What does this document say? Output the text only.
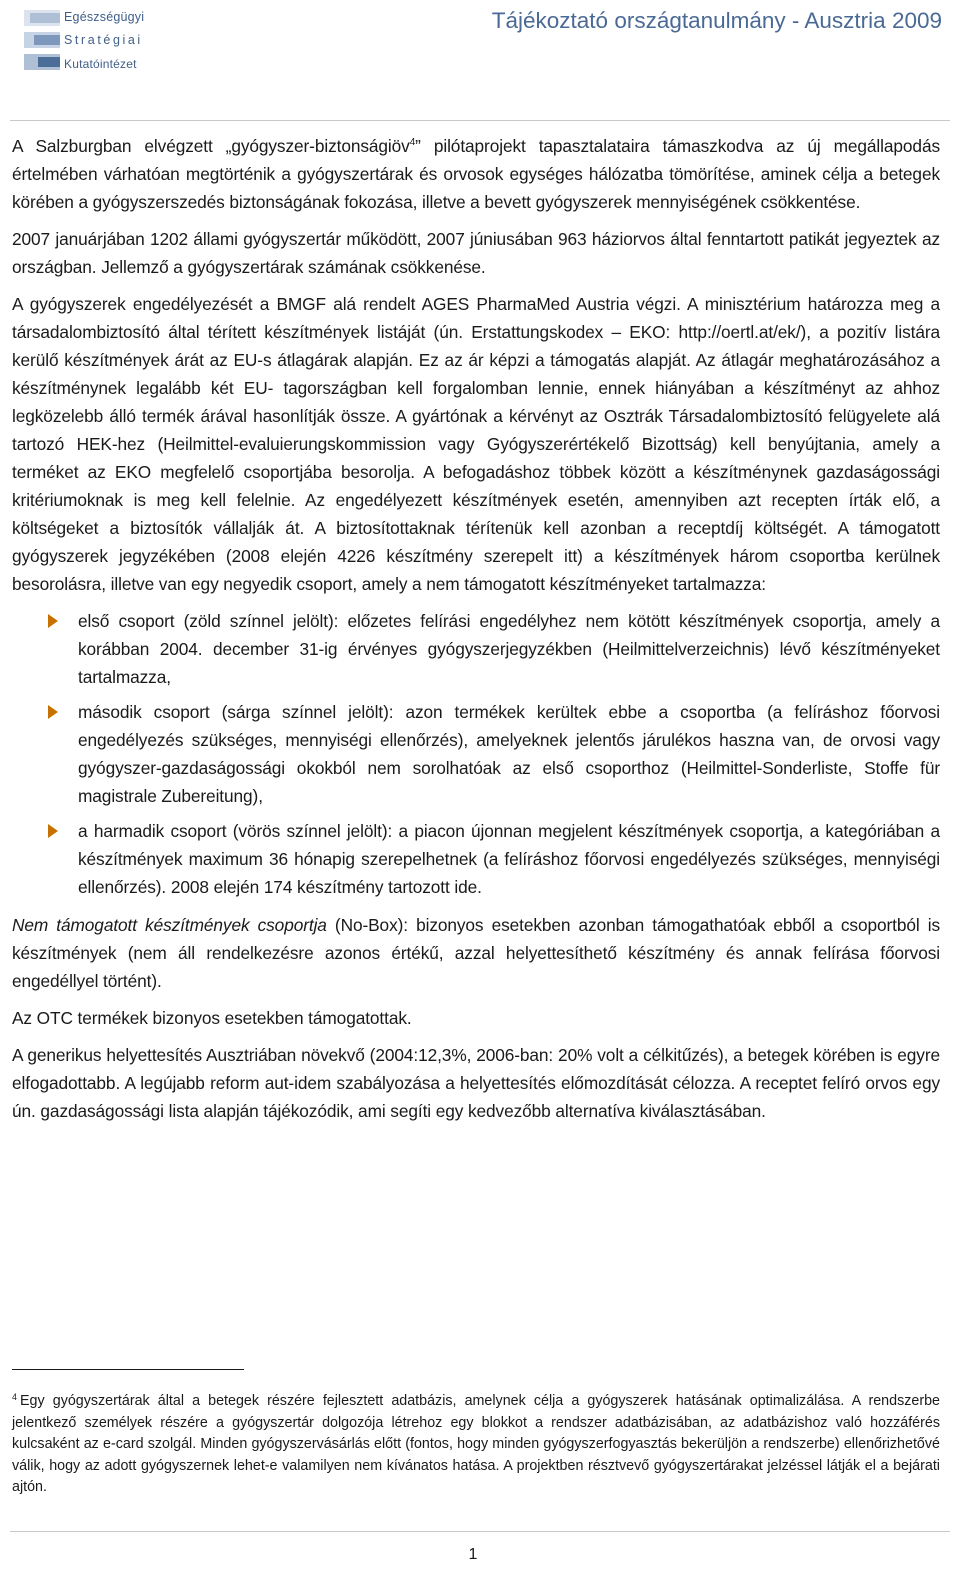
Egészségügyi
Stratégiai
Kutatóintézet
Tájékoztató országtanulmány - Ausztria 2009

A Salzburgban elvégzett „gyógyszer-biztonságiöv$^4$” pilótaprojekt tapasztalataira támaszkodva az új megállapodás értelmében várhatóan megtörténik a gyógyszertárak és orvosok egységes hálózatba tömörítése, aminek célja a betegek körében a gyógyszerszedés biztonságának fokozása, illetve a bevett gyógyszerek mennyiségének csökkentése.

2007 januárjában 1202 állami gyógyszertár működött, 2007 júniusában 963 háziorvos által fenntartott patikát jegyeztek az országban. Jellemző a gyógyszertárak számának csökkenése.

A gyógyszerek engedélyezését a BMGF alá rendelt AGES PharmaMed Austria végzi. A minisztérium határozza meg a társadalombiztosító által térített készítmények listáját (ún. Erstattungskodex – EKO: http://oertl.at/ek/), a pozitív listára kerülő készítmények árát az EU-s átlagárak alapján. Ez az ár képzi a támogatás alapját. Az átlagár meghatározásához a készítménynek legalább két EU- tagországban kell forgalomban lennie, ennek hiányában a készítményt az ahhoz legközelebb álló termék árával hasonlítják össze. A gyártónak a kérvényt az Osztrák Társadalombiztosító felügyelete alá tartozó HEK-hez (Heilmittel-evaluierungskommission vagy Gyógyszerértékelő Bizottság) kell benyújtania, amely a terméket az EKO megfelelő csoportjába besorolja. A befogadáshoz többek között a készítménynek gazdaságossági kritériumoknak is meg kell felelnie. Az engedélyezett készítmények esetén, amennyiben azt recepten írták elő, a költségeket a biztosítók vállalják át. A biztosítottaknak térítenük kell azonban a receptdíj költségét. A támogatott gyógyszerek jegyzékében (2008 elején 4226 készítmény szerepelt itt) a készítmények három csoportba kerülnek besorolásra, illetve van egy negyedik csoport, amely a nem támogatott készítményeket tartalmazza:

első csoport (zöld színnel jelölt): előzetes felírási engedélyhez nem kötött készítmények csoportja, amely a korábban 2004. december 31-ig érvényes gyógyszerjegyzékben (Heilmittelverzeichnis) lévő készítményeket tartalmazza,
második csoport (sárga színnel jelölt): azon termékek kerültek ebbe a csoportba (a felíráshoz főorvosi engedélyezés szükséges, mennyiségi ellenőrzés), amelyeknek jelentős járulékos haszna van, de orvosi vagy gyógyszer-gazdaságossági okokból nem sorolhatóak az első csoporthoz (Heilmittel-Sonderliste, Stoffe für magistrale Zubereitung),
a harmadik csoport (vörös színnel jelölt): a piacon újonnan megjelent készítmények csoportja, a kategóriában a készítmények maximum 36 hónapig szerepelhetnek (a felíráshoz főorvosi engedélyezés szükséges, mennyiségi ellenőrzés). 2008 elején 174 készítmény tartozott ide.

Nem támogatott készítmények csoportja (No-Box): bizonyos esetekben azonban támogathatóak ebből a csoportból is készítmények (nem áll rendelkezésre azonos értékű, azzal helyettesíthető készítmény és annak felírása főorvosi engedéllyel történt).

Az OTC termékek bizonyos esetekben támogatottak.

A generikus helyettesítés Ausztriában növekvő (2004:12,3%, 2006-ban: 20% volt a célkitűzés), a betegek körében is egyre elfogadottabb. A legújabb reform aut-idem szabályozása a helyettesítés előmozdítását célozza. A receptet felíró orvos egy ún. gazdaságossági lista alapján tájékozódik, ami segíti egy kedvezőbb alternatíva kiválasztásában.

$^4$ Egy gyógyszertárak által a betegek részére fejlesztett adatbázis, amelynek célja a gyógyszerek hatásának optimalizálása. A rendszerbe jelentkező személyek részére a gyógyszertár dolgozója létrehoz egy blokkot a rendszer adatbázisában, az adatbázishoz való hozzáférés kulcsaként az e-card szolgál. Minden gyógyszervásárlás előtt (fontos, hogy minden gyógyszerfogyasztás bekerüljön a rendszerbe) ellenőrizhetővé válik, hogy az adott gyógyszernek lehet-e valamilyen nem kívánatos hatása. A projektben résztvevő gyógyszertárakat jelzéssel látják el a bejárati ajtón.
1
